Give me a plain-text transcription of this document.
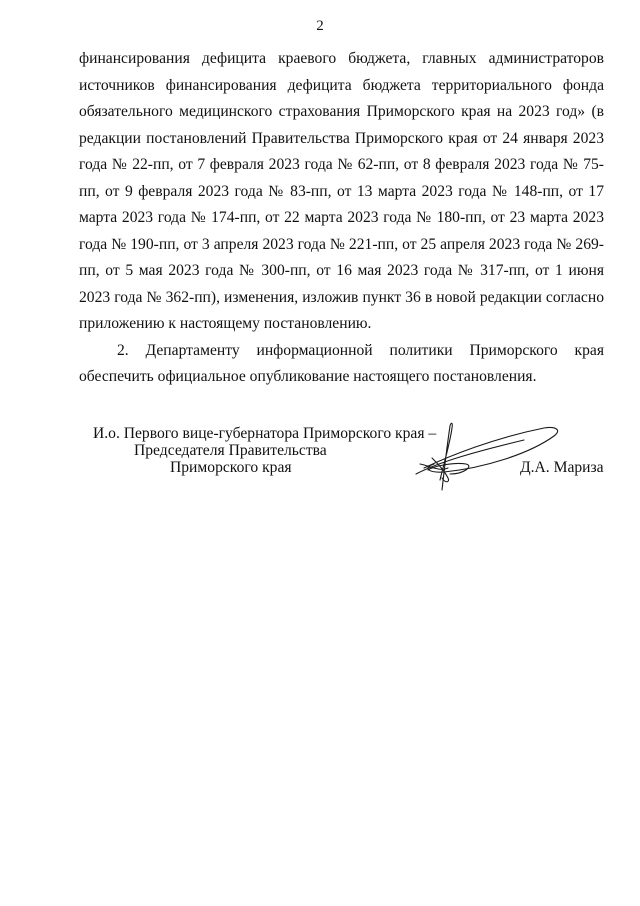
2

финансирования дефицита краевого бюджета, главных администраторов источников финансирования дефицита бюджета территориального фонда обязательного медицинского страхования Приморского края на 2023 год» (в редакции постановлений Правительства Приморского края от 24 января 2023 года № 22-пп, от 7 февраля 2023 года № 62-пп, от 8 февраля 2023 года № 75-пп, от 9 февраля 2023 года № 83-пп, от 13 марта 2023 года № 148-пп, от 17 марта 2023 года № 174-пп, от 22 марта 2023 года № 180-пп, от 23 марта 2023 года № 190-пп, от 3 апреля 2023 года № 221-пп, от 25 апреля 2023 года № 269-пп, от 5 мая 2023 года № 300-пп, от 16 мая 2023 года № 317-пп, от 1 июня 2023 года № 362-пп), изменения, изложив пункт 36 в новой редакции согласно приложению к настоящему постановлению.

2. Департаменту информационной политики Приморского края обеспечить официальное опубликование настоящего постановления.

И.о. Первого вице-губернатора Приморского края –
Председателя Правительства
Приморского края	Д.А. Мариза
